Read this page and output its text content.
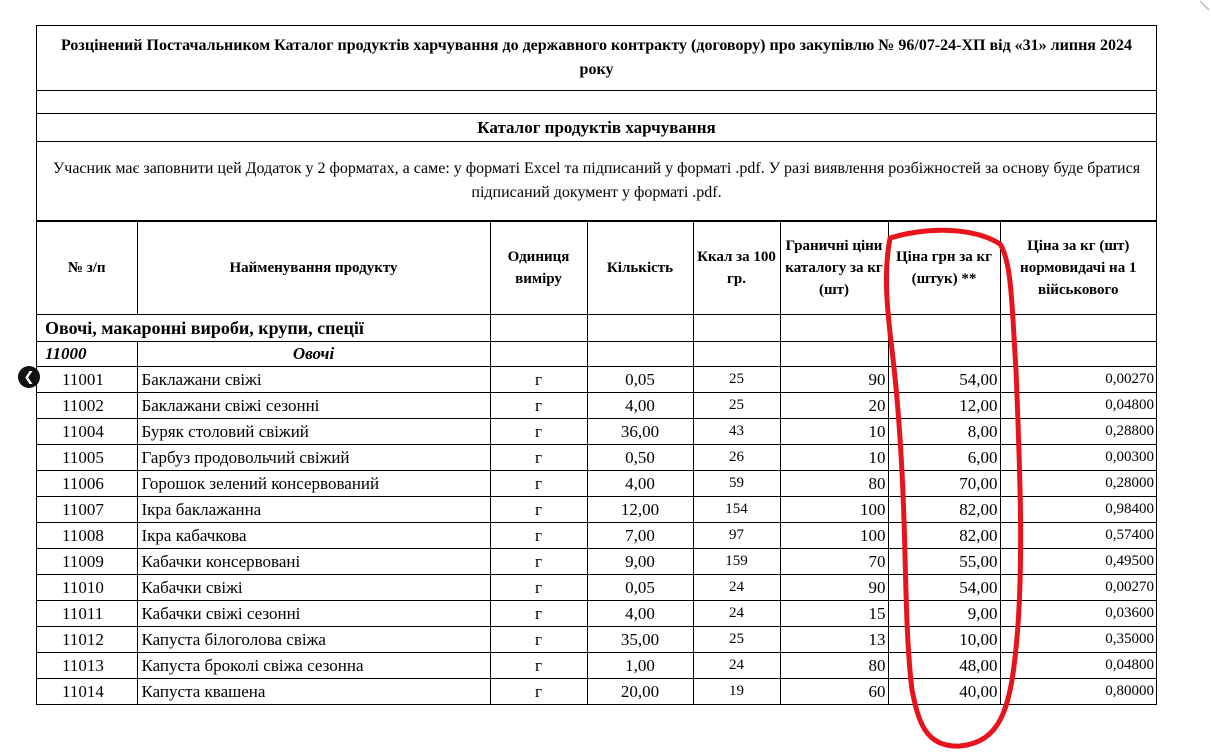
Розцінений Постачальником Каталог продуктів харчування до державного контракту (договору) про закупівлю № 96/07-24-ХП від «31» липня 2024 року
Каталог продуктів харчування
Учасник має заповнити цей Додаток у 2 форматах, а саме: у форматі Excel та підписаний у форматі .pdf. У разі виявлення розбіжностей за основу буде братися підписаний документ у форматі .pdf.
№ з/п	Найменування продукту	Одиниця виміру	Кількість	Ккал за 100 гр.	Граничні ціни каталогу за кг (шт)	Ціна грн за кг (штук) **	Ціна за кг (шт) нормовидачі на 1 військового
Овочі, макаронні вироби, крупи, спеції							
11000	Овочі						
11001	Баклажани свіжі	г	0,05	25	90	54,00	0,00270
11002	Баклажани свіжі сезонні	г	4,00	25	20	12,00	0,04800
11004	Буряк столовий свіжий	г	36,00	43	10	8,00	0,28800
11005	Гарбуз продовольчий свіжий	г	0,50	26	10	6,00	0,00300
11006	Горошок зелений консервований	г	4,00	59	80	70,00	0,28000
11007	Ікра баклажанна	г	12,00	154	100	82,00	0,98400
11008	Ікра кабачкова	г	7,00	97	100	82,00	0,57400
11009	Кабачки консервовані	г	9,00	159	70	55,00	0,49500
11010	Кабачки свіжі	г	0,05	24	90	54,00	0,00270
11011	Кабачки свіжі сезонні	г	4,00	24	15	9,00	0,03600
11012	Капуста білоголова свіжа	г	35,00	25	13	10,00	0,35000
11013	Капуста броколі свіжа сезонна	г	1,00	24	80	48,00	0,04800
11014	Капуста квашена	г	20,00	19	60	40,00	0,80000
❮
